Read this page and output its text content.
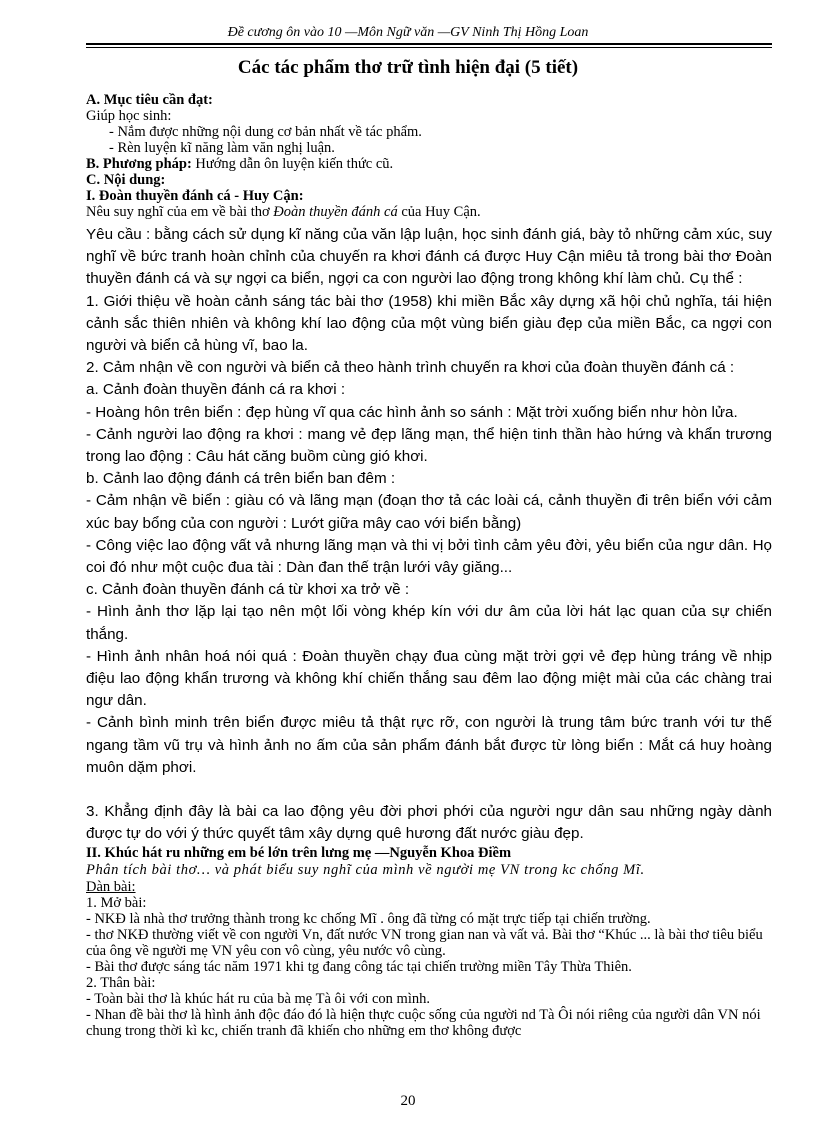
Đề cương ôn vào 10 —Môn Ngữ văn —GV Ninh Thị Hồng Loan
Các tác phẩm thơ trữ tình hiện đại (5 tiết)
A. Mục tiêu cần đạt:
Giúp học sinh:
- Nắm được những nội dung cơ bản nhất về tác phẩm.
- Rèn luyện kĩ năng làm văn nghị luận.
B. Phương pháp: Hướng dẫn ôn luyện kiến thức cũ.
C. Nội dung:
I. Đoàn thuyền đánh cá - Huy Cận:
Nêu suy nghĩ của em về bài thơ Đoàn thuyền đánh cá của Huy Cận.
Yêu cầu : bằng cách sử dụng kĩ năng của văn lập luận, học sinh đánh giá, bày tỏ những cảm xúc, suy nghĩ về bức tranh hoàn chỉnh của chuyến ra khơi đánh cá được Huy Cận miêu tả trong bài thơ Đoàn thuyền đánh cá và sự ngợi ca biển, ngợi ca con người lao động trong không khí làm chủ. Cụ thể :
1. Giới thiệu về hoàn cảnh sáng tác bài thơ (1958) khi miền Bắc xây dựng xã hội chủ nghĩa, tái hiện cảnh sắc thiên nhiên và không khí lao động của một vùng biển giàu đẹp của miền Bắc, ca ngợi con người và biển cả hùng vĩ, bao la.
2. Cảm nhận về con người và biển cả theo hành trình chuyến ra khơi của đoàn thuyền đánh cá :
a. Cảnh đoàn thuyền đánh cá ra khơi :
- Hoàng hôn trên biển : đẹp hùng vĩ qua các hình ảnh so sánh : Mặt trời xuống biển như hòn lửa.
- Cảnh người lao động ra khơi : mang vẻ đẹp lãng mạn, thể hiện tinh thần hào hứng và khẩn trương trong lao động : Câu hát căng buồm cùng gió khơi.
b. Cảnh lao động đánh cá trên biển ban đêm :
- Cảm nhận về biển : giàu có và lãng mạn (đoạn thơ tả các loài cá, cảnh thuyền đi trên biển với cảm xúc bay bổng của con người : Lướt giữa mây cao với biển bằng)
- Công việc lao động vất vả nhưng lãng mạn và thi vị bởi tình cảm yêu đời, yêu biển của ngư dân. Họ coi đó như một cuộc đua tài : Dàn đan thế trận lưới vây giăng...
c. Cảnh đoàn thuyền đánh cá từ khơi xa trở về :
- Hình ảnh thơ lặp lại tạo nên một lối vòng khép kín với dư âm của lời hát lạc quan của sự chiến thắng.
- Hình ảnh nhân hoá nói quá : Đoàn thuyền chạy đua cùng mặt trời gợi vẻ đẹp hùng tráng về nhịp điệu lao động khẩn trương và không khí chiến thắng sau đêm lao động miệt mài của các chàng trai ngư dân.
- Cảnh bình minh trên biển được miêu tả thật rực rỡ, con người là trung tâm bức tranh với tư thế ngang tầm vũ trụ và hình ảnh no ấm của sản phẩm đánh bắt được từ lòng biển : Mắt cá huy hoàng muôn dặm phơi.
3. Khẳng định đây là bài ca lao động yêu đời phơi phới của người ngư dân sau những ngày dành được tự do với ý thức quyết tâm xây dựng quê hương đất nước giàu đẹp.
II. Khúc hát ru những em bé lớn trên lưng mẹ —Nguyễn Khoa Điềm
Phân tích bài thơ… và phát biểu suy nghĩ của mình về người mẹ VN trong kc chống Mĩ.
Dàn bài:
1. Mở bài:
- NKĐ là nhà thơ trưởng thành trong kc chống Mĩ . ông đã từng có mặt trực tiếp tại chiến trường.
- thơ NKĐ thường viết về con người Vn, đất nước VN trong gian nan và vất vả. Bài thơ “Khúc ... là bài thơ tiêu biểu của ông về người mẹ VN yêu con vô cùng, yêu nước vô cùng.
- Bài thơ được sáng tác năm 1971 khi tg đang công tác tại chiến trường miền Tây Thừa Thiên.
2. Thân bài:
- Toàn bài thơ là khúc hát ru của bà mẹ Tà ôi với con mình.
- Nhan đề bài thơ là hình ảnh độc đáo đó là hiện thực cuộc sống của người nd Tà Ôi nói riêng của người dân VN nói chung trong thời kì kc, chiến tranh đã khiến cho những em thơ không được
20
